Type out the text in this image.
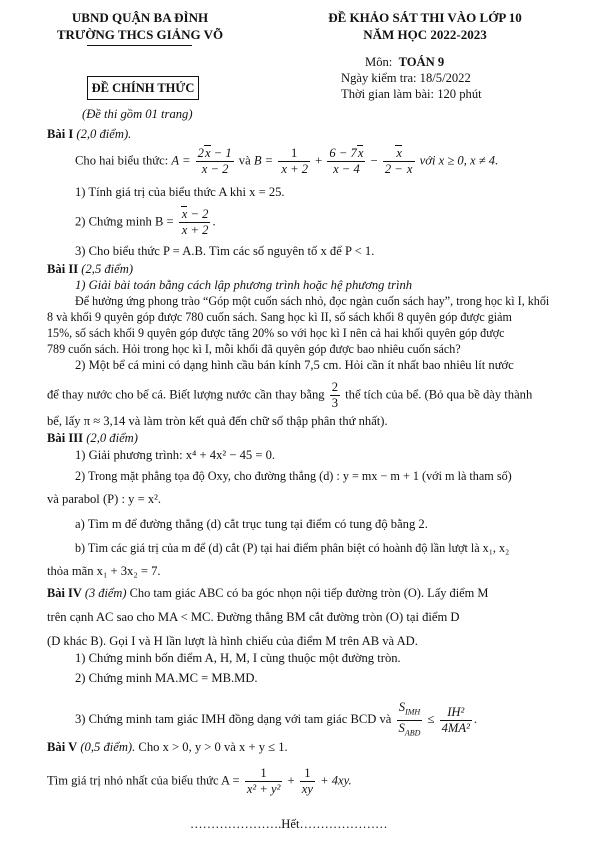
UBND QUẬN BA ĐÌNH
TRƯỜNG THCS GIẢNG VÕ
ĐỀ KHẢO SÁT THI VÀO LỚP 10
NĂM HỌC 2022-2023
ĐỀ CHÍNH THỨC
Môn: TOÁN 9
Ngày kiểm tra: 18/5/2022
Thời gian làm bài: 120 phút
(Đề thi gồm 01 trang)
Bài I (2,0 điểm).
Cho hai biểu thức: $A = \frac{2x - 1}{x - 2}$ và $B = \frac{1}{x + 2} + \frac{6 - 7x}{x - 4} - \frac{x}{2 - x}$ với x ≥ 0, x ≠ 4.
1) Tính giá trị của biểu thức A khi x = 25.
2) Chứng minh $B = \frac{x - 2}{x + 2}$ .
3) Cho biểu thức P = A.B. Tìm các số nguyên tố x để P < 1.
Bài II (2,5 điểm)
1) Giải bài toán bằng cách lập phương trình hoặc hệ phương trình
Để hưởng ứng phong trào “Góp một cuốn sách nhỏ, đọc ngàn cuốn sách hay”, trong học kì I, khối
8 và khối 9 quyên góp được 780 cuốn sách. Sang học kì II, số sách khối 8 quyên góp được giảm
15%, số sách khối 9 quyên góp được tăng 20% so với học kì I nên cả hai khối quyên góp được
789 cuốn sách. Hỏi trong học kì I, mỗi khối đã quyên góp được bao nhiêu cuốn sách?
2) Một bể cá mini có dạng hình cầu bán kính 7,5 cm. Hỏi cần ít nhất bao nhiêu lít nước
để thay nước cho bể cá. Biết lượng nước cần thay bằng $\frac{2}{3}$ thể tích của bể. (Bỏ qua bề dày thành
bể, lấy π ≈ 3,14 và làm tròn kết quả đến chữ số thập phân thứ nhất).
Bài III (2,0 điểm)
1) Giải phương trình: x⁴ + 4x² − 45 = 0.
2) Trong mặt phẳng tọa độ Oxy, cho đường thẳng (d) : y = mx − m + 1 (với m là tham số)
và parabol (P) : y = x².
a) Tìm m để đường thẳng (d) cắt trục tung tại điểm có tung độ bằng 2.
b) Tìm các giá trị của m để (d) cắt (P) tại hai điểm phân biệt có hoành độ lần lượt là x₁, x₂
thỏa mãn x₁ + 3x₂ = 7.
Bài IV (3 điểm) Cho tam giác ABC có ba góc nhọn nội tiếp đường tròn (O). Lấy điểm M
trên cạnh AC sao cho MA < MC. Đường thẳng BM cắt đường tròn (O) tại điểm D
(D khác B). Gọi I và H lần lượt là hình chiếu của điểm M trên AB và AD.
1) Chứng minh bốn điểm A, H, M, I cùng thuộc một đường tròn.
2) Chứng minh MA.MC = MB.MD.
3) Chứng minh tam giác IMH đồng dạng với tam giác BCD và $\frac{S_{IMH}}{S_{ABD}} \le \frac{\text{IH²}}{\text{4MA²}}$ .
Bài V (0,5 điểm). Cho x > 0, y > 0 và x + y ≤ 1.
Tìm giá trị nhỏ nhất của biểu thức $A = \frac{1}{\text{x² + y²}} + \frac{1}{xy} + 4xy$.
………………….Hết…………………
